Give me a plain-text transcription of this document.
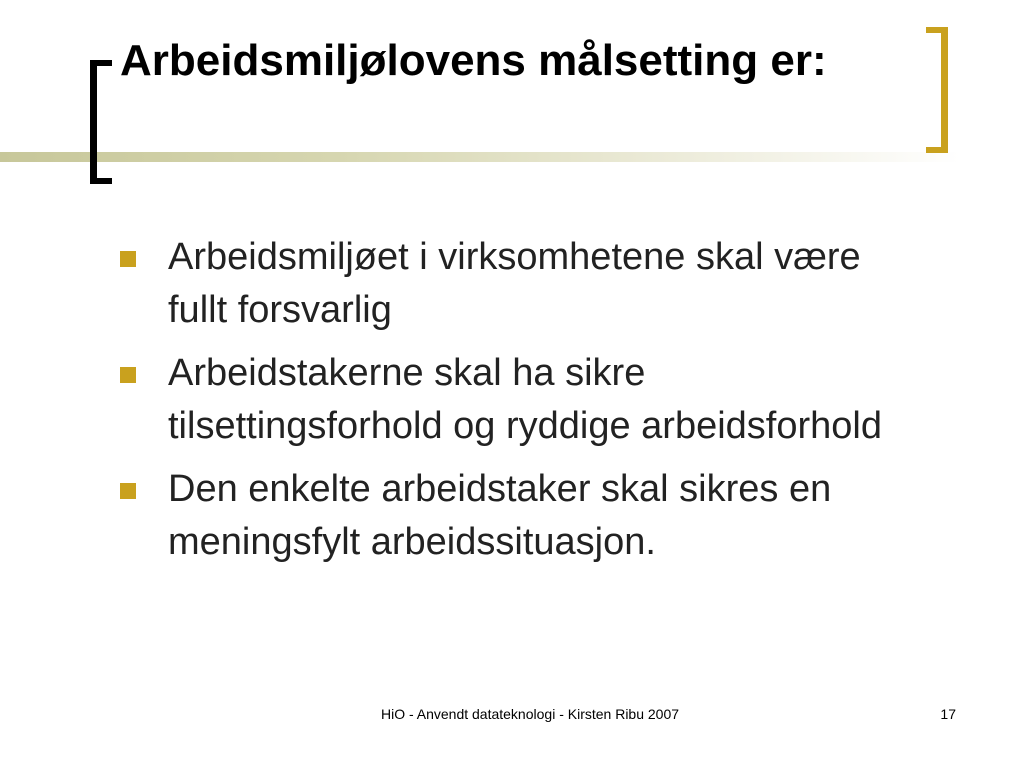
Arbeidsmiljølovens målsetting er:
Arbeidsmiljøet i virksomhetene skal være fullt forsvarlig
Arbeidstakerne skal ha sikre tilsettingsforhold og ryddige arbeidsforhold
Den enkelte arbeidstaker skal sikres en meningsfylt arbeidssituasjon.
HiO - Anvendt datateknologi - Kirsten Ribu 2007	17
